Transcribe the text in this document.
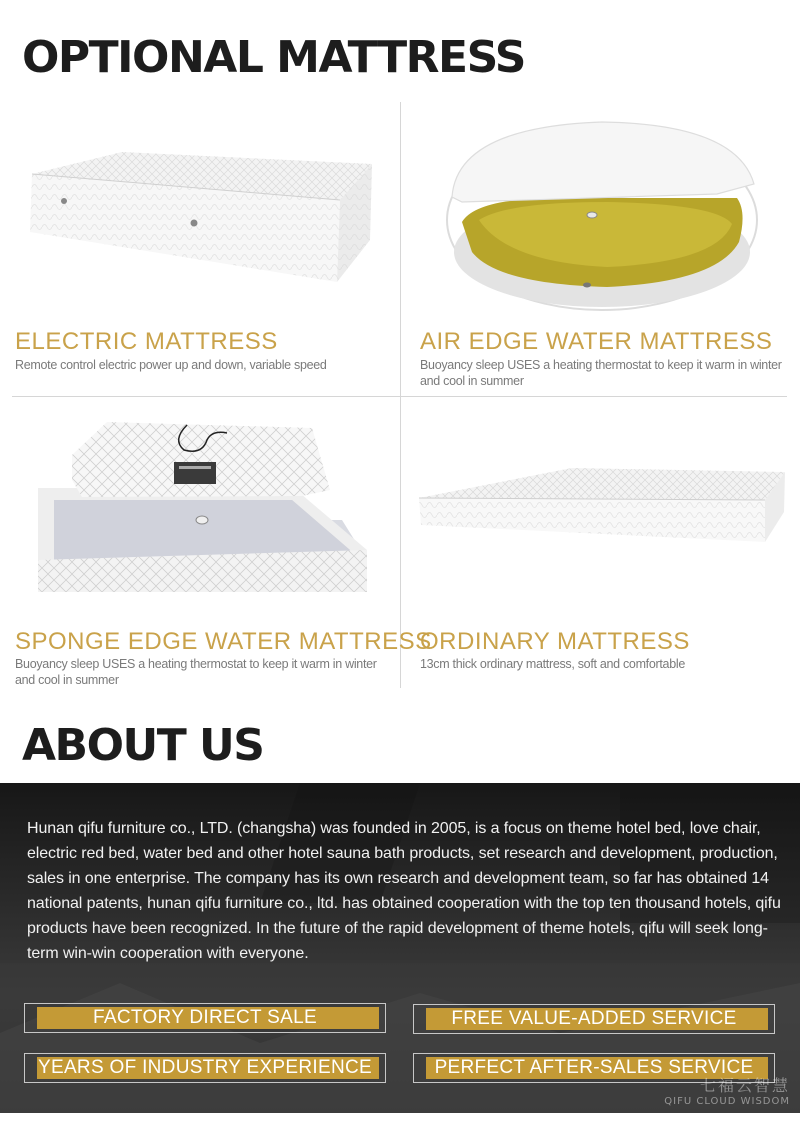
OPTIONAL MATTRESS
ELECTRIC MATTRESS
Remote control electric power up and down, variable speed
AIR EDGE WATER MATTRESS
Buoyancy sleep USES a heating thermostat to keep it warm in winter and cool in summer
SPONGE EDGE WATER MATTRESS
Buoyancy sleep USES a heating thermostat to keep it warm in winter and cool in summer
ORDINARY MATTRESS
13cm thick ordinary mattress, soft and comfortable
ABOUT US

Hunan qifu furniture co., LTD. (changsha) was founded in 2005, is a focus on theme hotel bed, love chair, electric red bed, water bed and other hotel sauna bath products, set research and development, production, sales in one enterprise. The company has its own research and development team, so far has obtained 14 national patents, hunan qifu furniture co., ltd. has obtained cooperation with the top ten thousand hotels, qifu products have been recognized. In the future of the rapid development of theme hotels, qifu will seek long-term win-win cooperation with everyone.

FACTORY DIRECT SALE	FREE VALUE-ADDED SERVICE
YEARS OF INDUSTRY EXPERIENCE	PERFECT AFTER-SALES SERVICE
七福云智慧
QIFU CLOUD WISDOM
